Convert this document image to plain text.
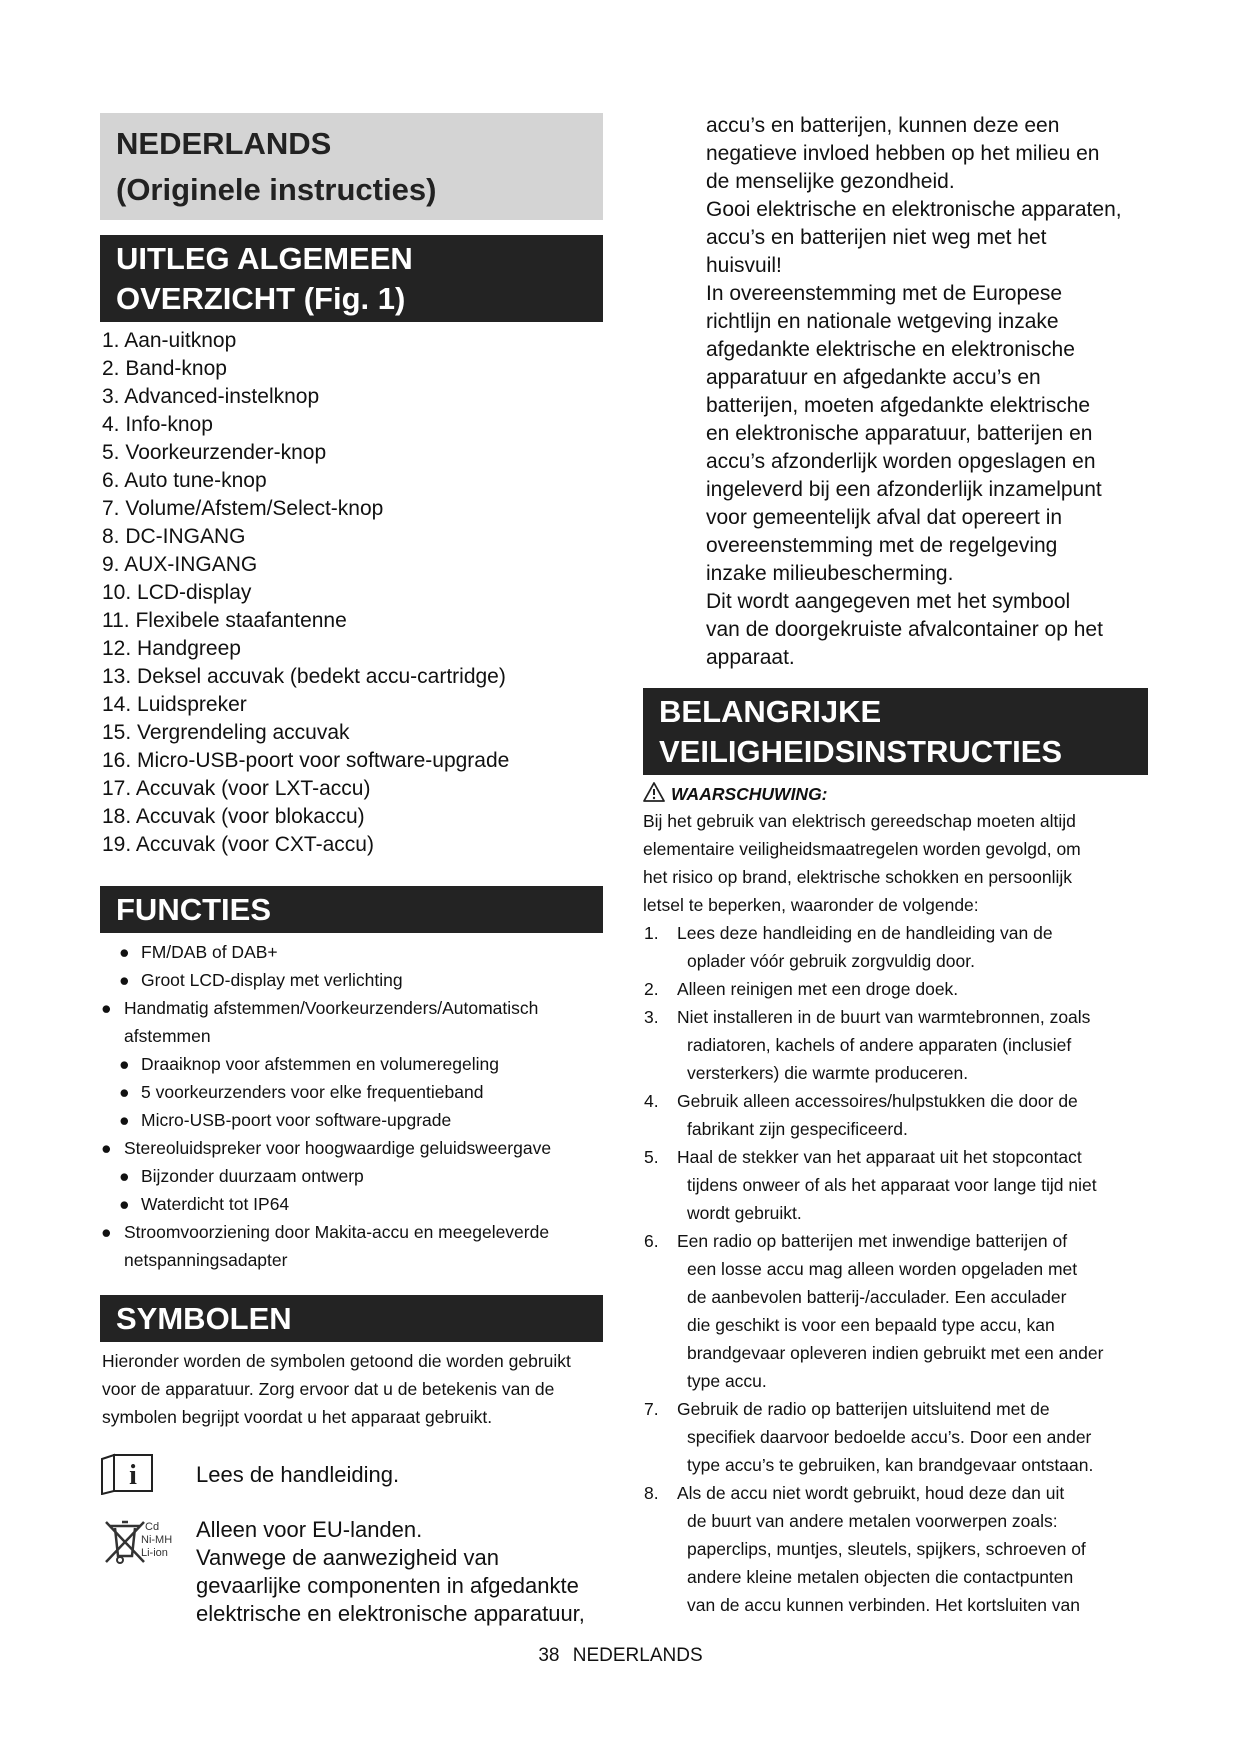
NEDERLANDS
(Originele instructies)
UITLEG ALGEMEEN
OVERZICHT (Fig. 1)
1. Aan-uitknop
2. Band-knop
3. Advanced-instelknop
4. Info-knop
5. Voorkeurzender-knop
6. Auto tune-knop
7. Volume/Afstem/Select-knop
8. DC-INGANG
9. AUX-INGANG
10. LCD-display
11. Flexibele staafantenne
12. Handgreep
13. Deksel accuvak (bedekt accu-cartridge)
14. Luidspreker
15. Vergrendeling accuvak
16. Micro-USB-poort voor software-upgrade
17. Accuvak (voor LXT-accu)
18. Accuvak (voor blokaccu)
19. Accuvak (voor CXT-accu)
FUNCTIES
● FM/DAB of DAB+
● Groot LCD-display met verlichting
● Handmatig afstemmen/Voorkeurzenders/Automatisch afstemmen
● Draaiknop voor afstemmen en volumeregeling
● 5 voorkeurzenders voor elke frequentieband
● Micro-USB-poort voor software-upgrade
● Stereoluidspreker voor hoogwaardige geluidsweergave
● Bijzonder duurzaam ontwerp
● Waterdicht tot IP64
● Stroomvoorziening door Makita-accu en meegeleverde netspanningsadapter
SYMBOLEN
Hieronder worden de symbolen getoond die worden gebruikt voor de apparatuur. Zorg ervoor dat u de betekenis van de symbolen begrijpt voordat u het apparaat gebruikt.
i	Lees de handleiding.
Cd
Ni-MH
Li-ion
Alleen voor EU-landen.
Vanwege de aanwezigheid van
gevaarlijke componenten in afgedankte
elektrische en elektronische apparatuur,
accu’s en batterijen, kunnen deze een
negatieve invloed hebben op het milieu en
de menselijke gezondheid.
Gooi elektrische en elektronische apparaten,
accu’s en batterijen niet weg met het
huisvuil!
In overeenstemming met de Europese
richtlijn en nationale wetgeving inzake
afgedankte elektrische en elektronische
apparatuur en afgedankte accu’s en
batterijen, moeten afgedankte elektrische
en elektronische apparatuur, batterijen en
accu’s afzonderlijk worden opgeslagen en
ingeleverd bij een afzonderlijk inzamelpunt
voor gemeentelijk afval dat opereert in
overeenstemming met de regelgeving
inzake milieubescherming.
Dit wordt aangegeven met het symbool
van de doorgekruiste afvalcontainer op het
apparaat.
BELANGRIJKE
VEILIGHEIDSINSTRUCTIES
WAARSCHUWING:
Bij het gebruik van elektrisch gereedschap moeten altijd
elementaire veiligheidsmaatregelen worden gevolgd, om
het risico op brand, elektrische schokken en persoonlijk
letsel te beperken, waaronder de volgende:
1. Lees deze handleiding en de handleiding van de
oplader vóór gebruik zorgvuldig door.
2. Alleen reinigen met een droge doek.
3. Niet installeren in de buurt van warmtebronnen, zoals
radiatoren, kachels of andere apparaten (inclusief
versterkers) die warmte produceren.
4. Gebruik alleen accessoires/hulpstukken die door de
fabrikant zijn gespecificeerd.
5. Haal de stekker van het apparaat uit het stopcontact
tijdens onweer of als het apparaat voor lange tijd niet
wordt gebruikt.
6. Een radio op batterijen met inwendige batterijen of
een losse accu mag alleen worden opgeladen met
de aanbevolen batterij-/acculader. Een acculader
die geschikt is voor een bepaald type accu, kan
brandgevaar opleveren indien gebruikt met een ander
type accu.
7. Gebruik de radio op batterijen uitsluitend met de
specifiek daarvoor bedoelde accu’s. Door een ander
type accu’s te gebruiken, kan brandgevaar ontstaan.
8. Als de accu niet wordt gebruikt, houd deze dan uit
de buurt van andere metalen voorwerpen zoals:
paperclips, muntjes, sleutels, spijkers, schroeven of
andere kleine metalen objecten die contactpunten
van de accu kunnen verbinden. Het kortsluiten van
38 NEDERLANDS
